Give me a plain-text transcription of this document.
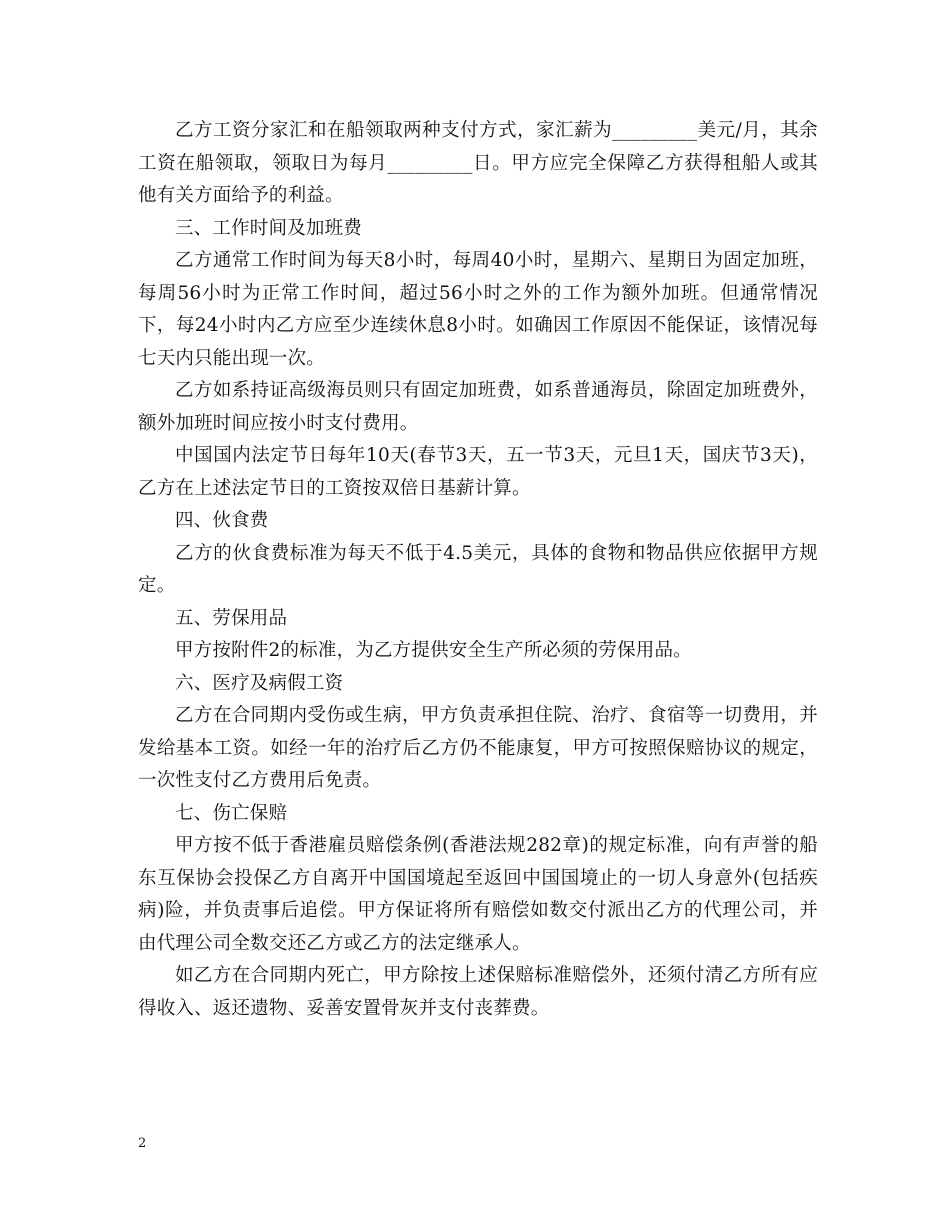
乙方工资分家汇和在船领取两种支付方式，家汇薪为_________美元/月，其余工资在船领取，领取日为每月_________日。甲方应完全保障乙方获得租船人或其他有关方面给予的利益。

三、工作时间及加班费

乙方通常工作时间为每天8小时，每周40小时，星期六、星期日为固定加班，每周56小时为正常工作时间，超过56小时之外的工作为额外加班。但通常情况下，每24小时内乙方应至少连续休息8小时。如确因工作原因不能保证，该情况每七天内只能出现一次。

乙方如系持证高级海员则只有固定加班费，如系普通海员，除固定加班费外，额外加班时间应按小时支付费用。

中国国内法定节日每年10天(春节3天，五一节3天，元旦1天，国庆节3天)，乙方在上述法定节日的工资按双倍日基薪计算。

四、伙食费

乙方的伙食费标准为每天不低于4.5美元，具体的食物和物品供应依据甲方规定。

五、劳保用品

甲方按附件2的标准，为乙方提供安全生产所必须的劳保用品。

六、医疗及病假工资

乙方在合同期内受伤或生病，甲方负责承担住院、治疗、食宿等一切费用，并发给基本工资。如经一年的治疗后乙方仍不能康复，甲方可按照保赔协议的规定，一次性支付乙方费用后免责。

七、伤亡保赔

甲方按不低于香港雇员赔偿条例(香港法规282章)的规定标准，向有声誉的船东互保协会投保乙方自离开中国国境起至返回中国国境止的一切人身意外(包括疾病)险，并负责事后追偿。甲方保证将所有赔偿如数交付派出乙方的代理公司，并由代理公司全数交还乙方或乙方的法定继承人。

如乙方在合同期内死亡，甲方除按上述保赔标准赔偿外，还须付清乙方所有应得收入、返还遗物、妥善安置骨灰并支付丧葬费。

2
